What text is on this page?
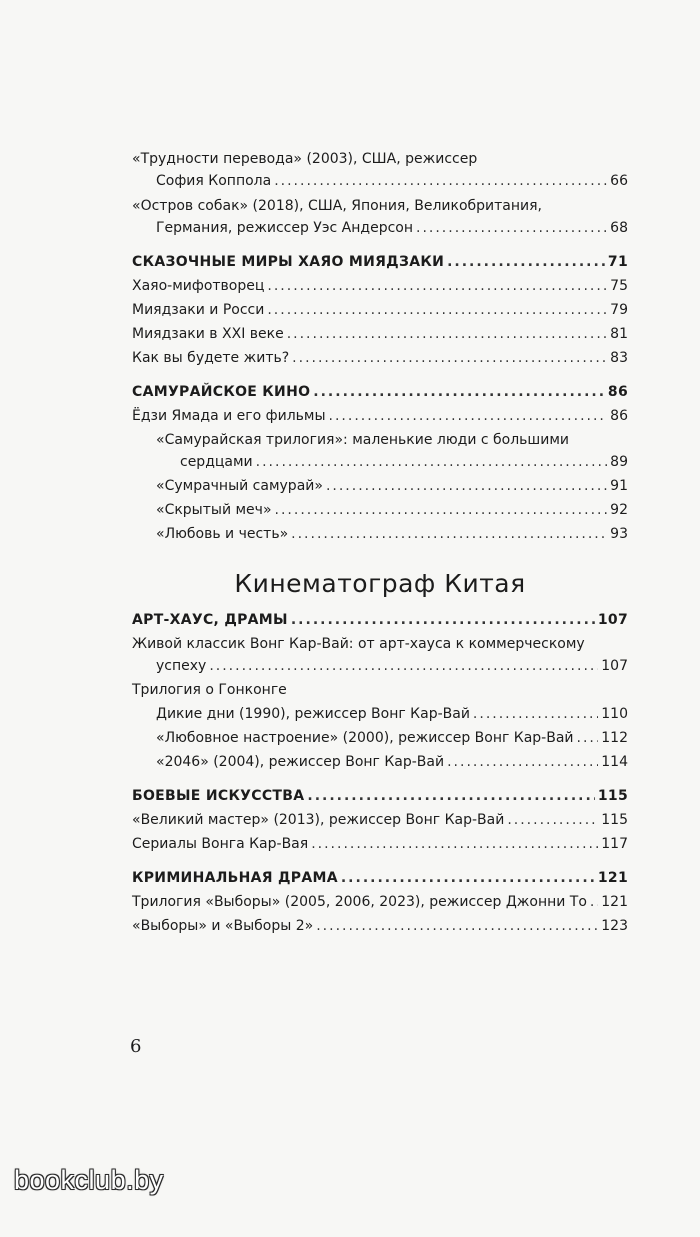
«Трудности перевода» (2003), США, режиссер
София Коппола .....	66
«Остров собак» (2018), США, Япония, Великобритания,
Германия, режиссер Уэс Андерсон .....	68
СКАЗОЧНЫЕ МИРЫ ХАЯО МИЯДЗАКИ .....	71
Хаяо-мифотворец .....	75
Миядзаки и Росси .....	79
Миядзаки в XXI веке .....	81
Как вы будете жить? .....	83
САМУРАЙСКОЕ КИНО .....	86
Ёдзи Ямада и его фильмы .....	86
«Самурайская трилогия»: маленькие люди с большими
сердцами .....	89
«Сумрачный самурай» .....	91
«Скрытый меч» .....	92
«Любовь и честь» .....	93
Кинематограф Китая
АРТ-ХАУС, ДРАМЫ .....	107
Живой классик Вонг Кар-Вай: от арт-хауса к коммерческому
успеху .....	107
Трилогия о Гонконге
Дикие дни (1990), режиссер Вонг Кар-Вай .....	110
«Любовное настроение» (2000), режиссер Вонг Кар-Вай ..... 112
«2046» (2004), режиссер Вонг Кар-Вай .....	114
БОЕВЫЕ ИСКУССТВА .....	115
«Великий мастер» (2013), режиссер Вонг Кар-Вай .....	115
Сериалы Вонга Кар-Вая .....	117
КРИМИНАЛЬНАЯ ДРАМА .....	121
Трилогия «Выборы» (2005, 2006, 2023), режиссер Джонни То ..... 121
«Выборы» и «Выборы 2» .....	123
6
bookclub.by
